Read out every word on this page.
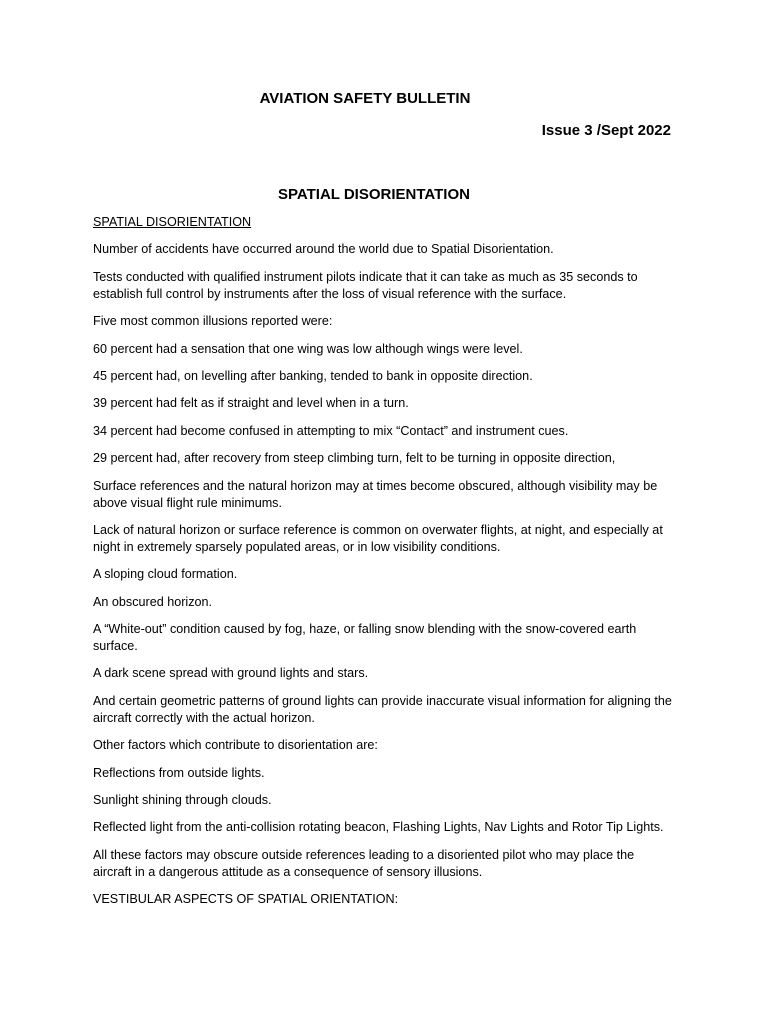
AVIATION SAFETY BULLETIN
Issue 3 /Sept 2022
SPATIAL DISORIENTATION

SPATIAL DISORIENTATION

Number of accidents have occurred around the world due to Spatial Disorientation.

Tests conducted with qualified instrument pilots indicate that it can take as much as 35 seconds to establish full control by instruments after the loss of visual reference with the surface.

Five most common illusions reported were:

60 percent had a sensation that one wing was low although wings were level.

45 percent had, on levelling after banking, tended to bank in opposite direction.

39 percent had felt as if straight and level when in a turn.

34 percent had become confused in attempting to mix “Contact” and instrument cues.

29 percent had, after recovery from steep climbing turn, felt to be turning in opposite direction,

Surface references and the natural horizon may at times become obscured, although visibility may be above visual flight rule minimums.

Lack of natural horizon or surface reference is common on overwater flights, at night, and especially at night in extremely sparsely populated areas, or in low visibility conditions.

A sloping cloud formation.

An obscured horizon.

A “White-out” condition caused by fog, haze, or falling snow blending with the snow-covered earth surface.

A dark scene spread with ground lights and stars.

And certain geometric patterns of ground lights can provide inaccurate visual information for aligning the aircraft correctly with the actual horizon.

Other factors which contribute to disorientation are:

Reflections from outside lights.

Sunlight shining through clouds.

Reflected light from the anti-collision rotating beacon, Flashing Lights, Nav Lights and Rotor Tip Lights.

All these factors may obscure outside references leading to a disoriented pilot who may place the aircraft in a dangerous attitude as a consequence of sensory illusions.

VESTIBULAR ASPECTS OF SPATIAL ORIENTATION:
